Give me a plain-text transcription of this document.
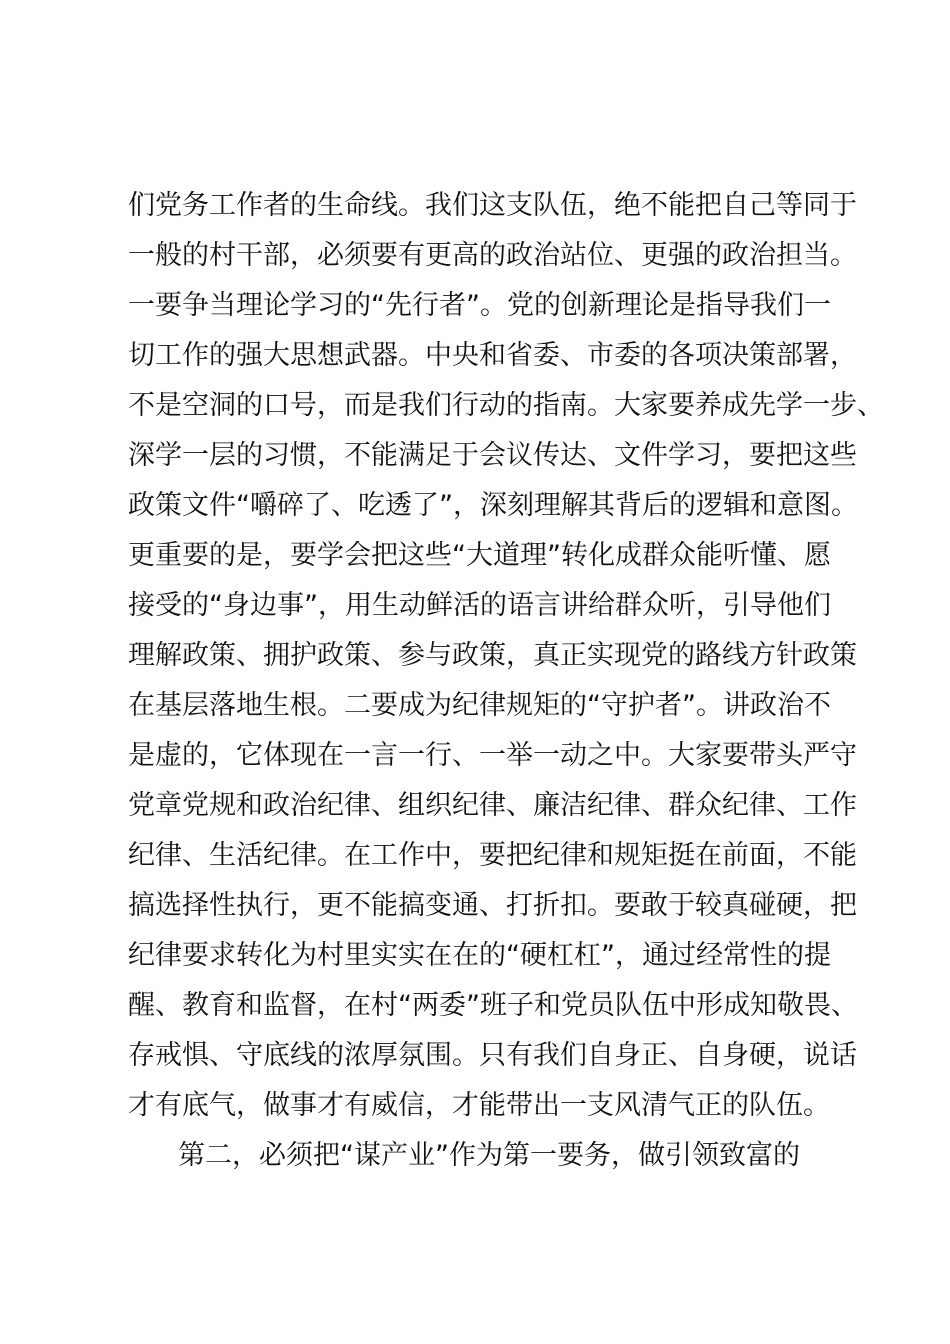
们党务工作者的生命线。我们这支队伍，绝不能把自己等同于
一般的村干部，必须要有更高的政治站位、更强的政治担当。
一要争当理论学习的“先行者”。党的创新理论是指导我们一
切工作的强大思想武器。中央和省委、市委的各项决策部署，
不是空洞的口号，而是我们行动的指南。大家要养成先学一步、
深学一层的习惯，不能满足于会议传达、文件学习，要把这些
政策文件“嚼碎了、吃透了”，深刻理解其背后的逻辑和意图。
更重要的是，要学会把这些“大道理”转化成群众能听懂、愿
接受的“身边事”，用生动鲜活的语言讲给群众听，引导他们
理解政策、拥护政策、参与政策，真正实现党的路线方针政策
在基层落地生根。二要成为纪律规矩的“守护者”。讲政治不
是虚的，它体现在一言一行、一举一动之中。大家要带头严守
党章党规和政治纪律、组织纪律、廉洁纪律、群众纪律、工作
纪律、生活纪律。在工作中，要把纪律和规矩挺在前面，不能
搞选择性执行，更不能搞变通、打折扣。要敢于较真碰硬，把
纪律要求转化为村里实实在在的“硬杠杠”，通过经常性的提
醒、教育和监督，在村“两委”班子和党员队伍中形成知敬畏、
存戒惧、守底线的浓厚氛围。只有我们自身正、自身硬，说话
才有底气，做事才有威信，才能带出一支风清气正的队伍。
第二，必须把“谋产业”作为第一要务，做引领致富的
